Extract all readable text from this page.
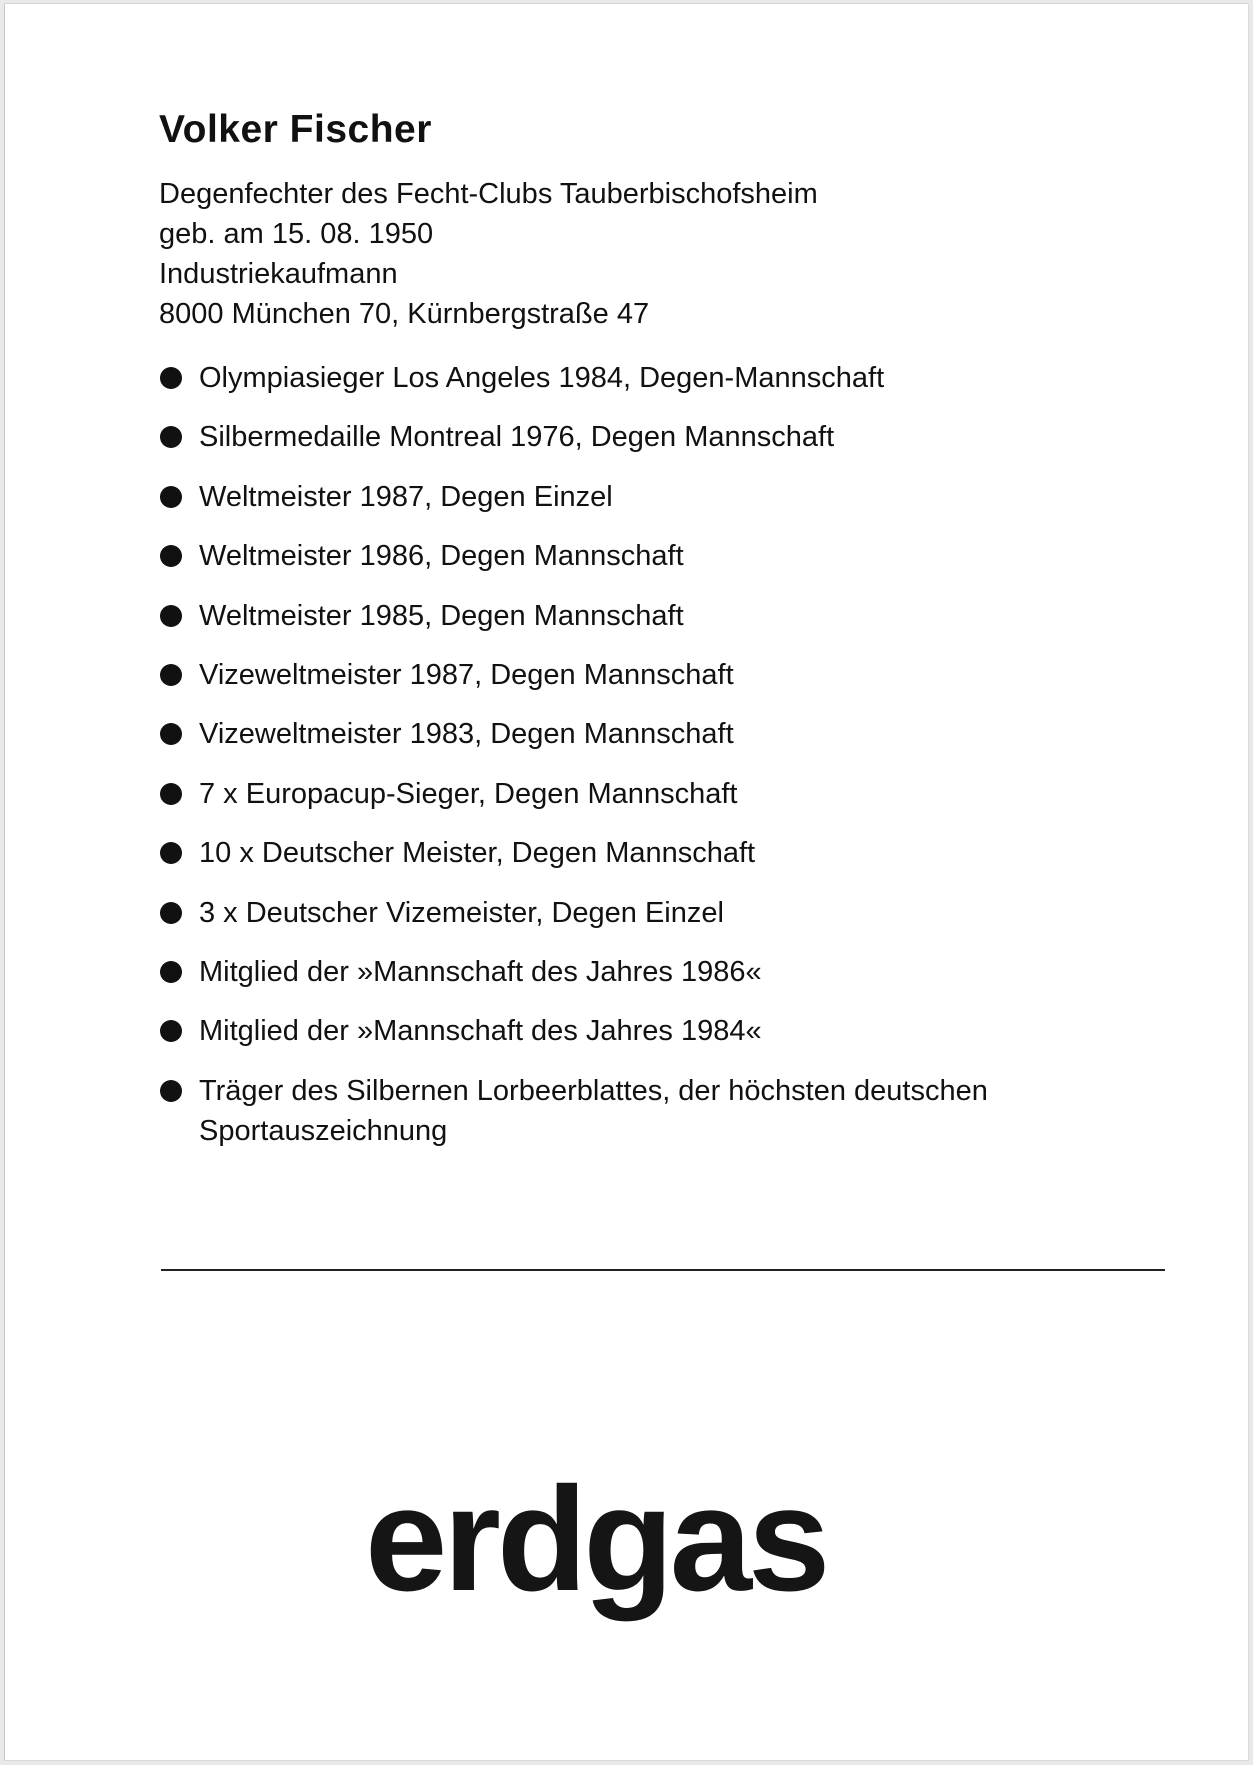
Volker Fischer
Degenfechter des Fecht-Clubs Tauberbischofsheim
geb. am 15. 08. 1950
Industriekaufmann
8000 München 70, Kürnbergstraße 47
Olympiasieger Los Angeles 1984, Degen-Mannschaft
Silbermedaille Montreal 1976, Degen Mannschaft
Weltmeister 1987, Degen Einzel
Weltmeister 1986, Degen Mannschaft
Weltmeister 1985, Degen Mannschaft
Vizeweltmeister 1987, Degen Mannschaft
Vizeweltmeister 1983, Degen Mannschaft
7 x Europacup-Sieger, Degen Mannschaft
10 x Deutscher Meister, Degen Mannschaft
3 x Deutscher Vizemeister, Degen Einzel
Mitglied der »Mannschaft des Jahres 1986«
Mitglied der »Mannschaft des Jahres 1984«
Träger des Silbernen Lorbeerblattes, der höchsten deutschen Sportauszeichnung
erdgas
